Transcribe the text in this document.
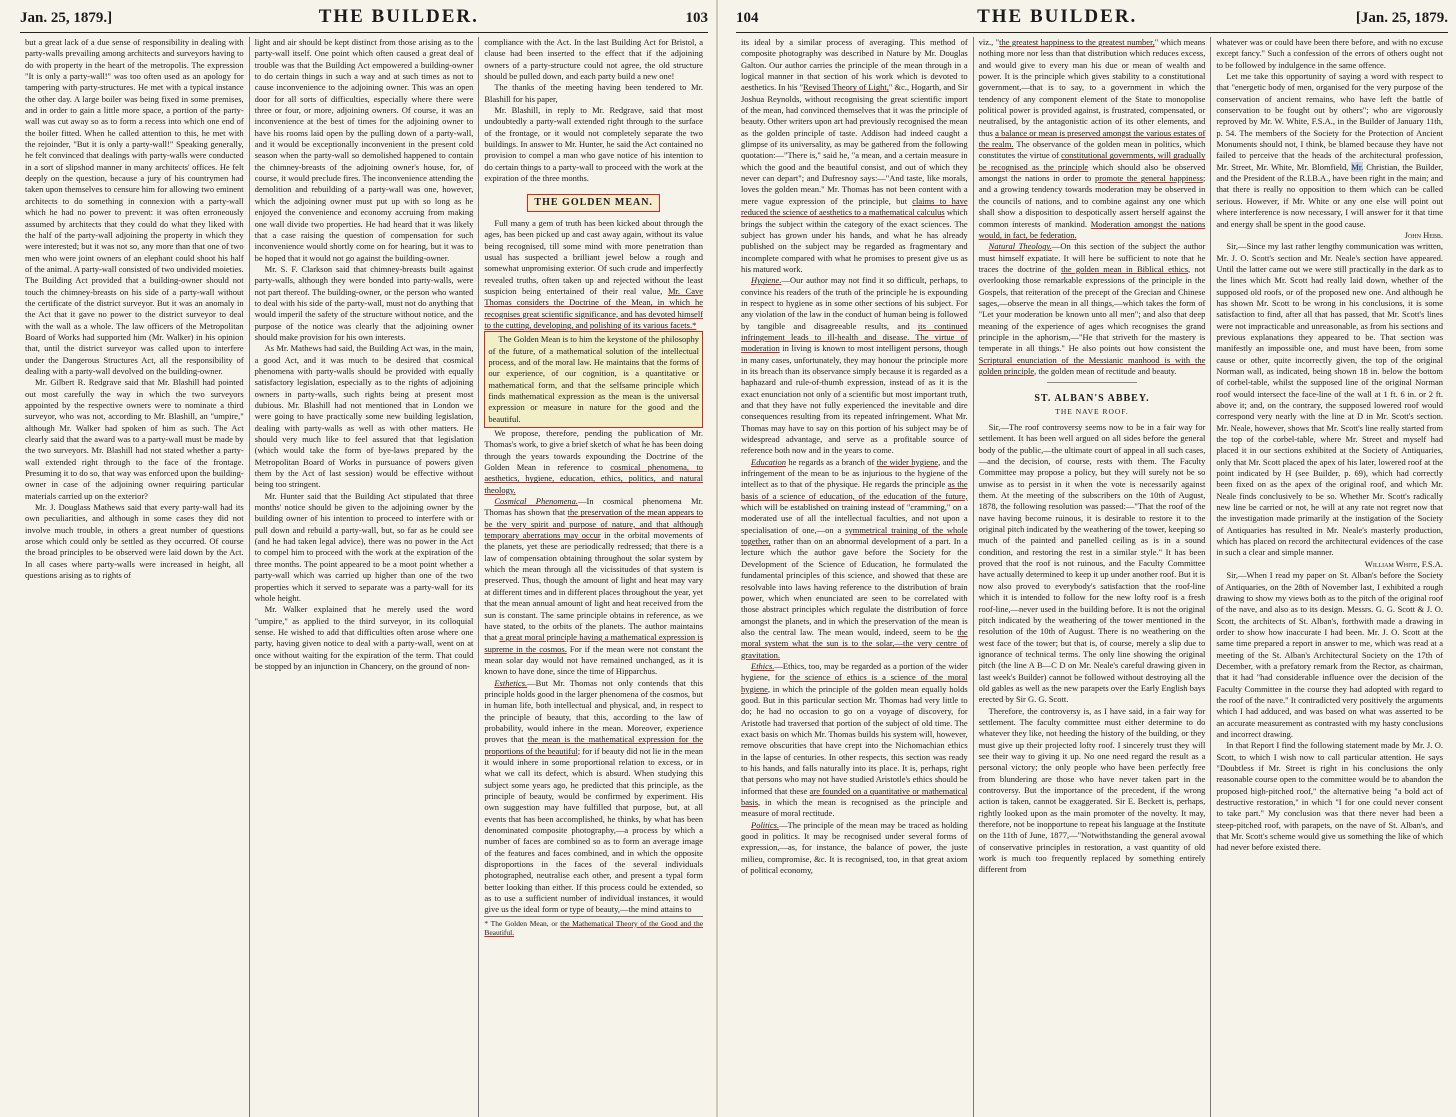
Jan. 25, 1879.]	THE BUILDER.	103

but a great lack of a due sense of responsibility in dealing with party-walls prevailing among architects and surveyors having to do with property in the heart of the metropolis. The expression "It is only a party-wall!" was too often used as an apology for tampering with party-structures. He met with a typical instance the other day. A large boiler was being fixed in some premises, and in order to gain a little more space, a portion of the party-wall was cut away so as to form a recess into which one end of the boiler fitted. When he called attention to this, he met with the rejoinder, "But it is only a party-wall!" Speaking generally, he felt convinced that dealings with party-walls were conducted in a sort of slipshod manner in many architects' offices. He felt deeply on the question, because a jury of his countrymen had taken upon themselves to censure him for allowing two eminent architects to do something in connexion with a party-wall which he had no power to prevent: it was often erroneously assumed by architects that they could do what they liked with the half of the party-wall adjoining the property in which they were interested; but it was not so, any more than that one of two men who were joint owners of an elephant could shoot his half of the animal. A party-wall consisted of two undivided moieties. The Building Act provided that a building-owner should not touch the chimney-breasts on his side of a party-wall without the certificate of the district surveyor. But it was an anomaly in the Act that it gave no power to the district surveyor to deal with the wall as a whole. The law officers of the Metropolitan Board of Works had supported him (Mr. Walker) in his opinion that, until the district surveyor was called upon to interfere under the Dangerous Structures Act, all the responsibility of dealing with a party-wall devolved on the building-owner.

Mr. Gilbert R. Redgrave said that Mr. Blashill had pointed out most carefully the way in which the two surveyors appointed by the respective owners were to nominate a third surveyor, who was not, according to Mr. Blashill, an "umpire," although Mr. Walker had spoken of him as such. The Act clearly said that the award was to a party-wall must be made by the two surveyors. Mr. Blashill had not stated whether a party-wall extended right through to the face of the frontage. Presuming it to do so, that way was enforced upon the building-owner in case of the adjoining owner requiring particular materials carried up on the exterior?

Mr. J. Douglass Mathews said that every party-wall had its own peculiarities, and although in some cases they did not involve much trouble, in others a great number of questions arose which could only be settled as they occurred. Of course the broad principles to be observed were laid down by the Act. In all cases where party-walls were increased in height, all questions arising as to rights of

light and air should be kept distinct from those arising as to the party-wall itself. One point which often caused a great deal of trouble was that the Building Act empowered a building-owner to do certain things in such a way and at such times as not to cause inconvenience to the adjoining owner. This was an open door for all sorts of difficulties, especially where there were three or four, or more, adjoining owners. Of course, it was an inconvenience at the best of times for the adjoining owner to have his rooms laid open by the pulling down of a party-wall, and it would be exceptionally inconvenient in the present cold season when the party-wall so demolished happened to contain the chimney-breasts of the adjoining owner's house, for, of course, it would preclude fires. The inconvenience attending the demolition and rebuilding of a party-wall was one, however, which the adjoining owner must put up with so long as he enjoyed the convenience and economy accruing from making one wall divide two properties. He had heard that it was likely that a case raising the question of compensation for such inconvenience would shortly come on for hearing, but it was to be hoped that it would not go against the building-owner.

Mr. S. F. Clarkson said that chimney-breasts built against party-walls, although they were bonded into party-walls, were not part thereof. The building-owner, or the person who wanted to deal with his side of the party-wall, must not do anything that would imperil the safety of the structure without notice, and the purpose of the notice was clearly that the adjoining owner should make provision for his own interests.

As Mr. Mathews had said, the Building Act was, in the main, a good Act, and it was much to be desired that cosmical phenomena with party-walls should be provided with equally satisfactory legislation, especially as to the rights of adjoining owners in party-walls, such rights being at present most dubious. Mr. Blashill had not mentioned that in London we were going to have practically some new building legislation, dealing with party-walls as well as with other matters. He should very much like to feel assured that that legislation (which would take the form of bye-laws prepared by the Metropolitan Board of Works in pursuance of powers given them by the Act of last session) would be effective without being too stringent.

Mr. Hunter said that the Building Act stipulated that three months' notice should be given to the adjoining owner by the building owner of his intention to proceed to interfere with or pull down and rebuild a party-wall, but, so far as he could see (and he had taken legal advice), there was no power in the Act to compel him to proceed with the work at the expiration of the three months. The point appeared to be a moot point whether a party-wall which was carried up higher than one of the two properties which it served to separate was a party-wall for its whole height.

Mr. Walker explained that he merely used the word "umpire," as applied to the third surveyor, in its colloquial sense. He wished to add that difficulties often arose where one party, having given notice to deal with a party-wall, went on at once without waiting for the expiration of the term. That could be stopped by an injunction in Chancery, on the ground of non-

compliance with the Act. In the last Building Act for Bristol, a clause had been inserted to the effect that if the adjoining owners of a party-structure could not agree, the old structure should be pulled down, and each party build a new one!

The thanks of the meeting having been tendered to Mr. Blashill for his paper,

Mr. Blashill, in reply to Mr. Redgrave, said that most undoubtedly a party-wall extended right through to the surface of the frontage, or it would not completely separate the two buildings. In answer to Mr. Hunter, he said the Act contained no provision to compel a man who gave notice of his intention to do certain things to a party-wall to proceed with the work at the expiration of the three months.

THE GOLDEN MEAN.

Full many a gem of truth has been kicked about through the ages, has been picked up and cast away again, without its value being recognised, till some mind with more penetration than usual has suspected a brilliant jewel below a rough and somewhat unpromising exterior. Of such crude and imperfectly revealed truths, often taken up and rejected without the least suspicion being entertained of their real value, Mr. Cave Thomas considers the Doctrine of the Mean, in which he recognises great scientific significance, and has devoted himself to the cutting, developing, and polishing of its various facets.*

The Golden Mean is to him the keystone of the philosophy of the future, of a mathematical solution of the intellectual process, and of the moral law. He maintains that the forms of our experience, of our cognition, is a quantitative or mathematical form, and that the selfsame principle which finds mathematical expression as the mean is the universal expression or measure in nature for the good and the beautiful.

We propose, therefore, pending the publication of Mr. Thomas's work, to give a brief sketch of what he has been doing through the years towards expounding the Doctrine of the Golden Mean in reference to cosmical phenomena, to aesthetics, hygiene, education, ethics, politics, and natural theology.

Cosmical Phenomena.—In cosmical phenomena Mr. Thomas has shown that the preservation of the mean appears to be the very spirit and purpose of nature, and that although temporary aberrations may occur in the orbital movements of the planets, yet these are periodically redressed; that there is a law of compensation obtaining throughout the solar system by which the mean through all the vicissitudes of that system is preserved. Thus, though the amount of light and heat may vary at different times and in different places throughout the year, yet that the mean annual amount of light and heat received from the sun is constant. The same principle obtains in reference, as we have stated, to the orbits of the planets. The author maintains that a great moral principle having a mathematical expression is supreme in the cosmos. For if the mean were not constant the mean solar day would not have remained unchanged, as it is known to have done, since the time of Hipparchus.

Esthetics.—But Mr. Thomas not only contends that this principle holds good in the larger phenomena of the cosmos, but in human life, both intellectual and physical, and, in respect to the principle of beauty, that this, according to the law of probability, would inhere in the mean. Moreover, experience proves that the mean is the mathematical expression for the proportions of the beautiful; for if beauty did not lie in the mean it would inhere in some proportional relation to excess, or in what we call its defect, which is absurd. When studying this subject some years ago, he predicted that this principle, as the principle of beauty, would be confirmed by experiment. His own suggestion may have fulfilled that purpose, but, at all events that has been accomplished, he thinks, by what has been denominated composite photography,—a process by which a number of faces are combined so as to form an average image of the features and faces combined, and in which the opposite disproportions in the faces of the several individuals photographed, neutralise each other, and present a typal form better looking than either. If this process could be extended, so as to use a sufficient number of individual instances, it would give us the ideal form or type of beauty,—the mind attains to

* The Golden Mean, or the Mathematical Theory of the Good and the Beautiful.

104	THE BUILDER.	[Jan. 25, 1879.

its ideal by a similar process of averaging. This method of composite photography was described in Nature by Mr. Douglas Galton. Our author carries the principle of the mean through in a logical manner in that section of his work which is devoted to aesthetics. In his "Revised Theory of Light," &c., Hogarth, and Sir Joshua Reynolds, without recognising the great scientific import of the mean, had convinced themselves that it was the principle of beauty. Other writers upon art had previously recognised the mean as the golden principle of taste. Addison had indeed caught a glimpse of its universality, as may be gathered from the following quotation:—"There is," said he, "a mean, and a certain measure in which the good and the beautiful consist, and out of which they never can depart"; and Dufresnoy says:—"And taste, like morals, loves the golden mean." Mr. Thomas has not been content with a mere vague expression of the principle, but claims to have reduced the science of aesthetics to a mathematical calculus which brings the subject within the category of the exact sciences. The subject has grown under his hands, and what he has already published on the subject may be regarded as fragmentary and incomplete compared with what he promises to present give us as his matured work.

Hygiene.—Our author may not find it so difficult, perhaps, to convince his readers of the truth of the principle he is expounding in respect to hygiene as in some other sections of his subject. For any violation of the law in the conduct of human being is followed by tangible and disagreeable results, and its continued infringement leads to ill-health and disease. The virtue of moderation in living is known to most intelligent persons, though in many cases, unfortunately, they may honour the principle more in its breach than its observance simply because it is regarded as a haphazard and rule-of-thumb expression, instead of as it is the exact enunciation not only of a scientific but most important truth, and that they have not fully experienced the inevitable and dire consequences resulting from its repeated infringement. What Mr. Thomas may have to say on this portion of his subject may be of widespread advantage, and serve as a profitable source of reference both now and in the years to come.

Education he regards as a branch of the wider hygiene, and the infringement of the mean to be as injurious to the hygiene of the intellect as to that of the physique. He regards the principle as the basis of a science of education, of the education of the future, which will be established on training instead of "cramming," on a moderated use of all the intellectual faculties, and not upon a specialisation of one,—on a symmetrical training of the whole together, rather than on an abnormal development of a part. In a lecture which the author gave before the Society for the Development of the Science of Education, he formulated the fundamental principles of this science, and showed that these are resolvable into laws having reference to the distribution of brain power, which when enunciated are seen to be correlated with those abstract principles which regulate the distribution of force amongst the planets, and in which the preservation of the mean is also the central law. The mean would, indeed, seem to be the moral system what the sun is to the solar,—the very centre of gravitation.

Ethics.—Ethics, too, may be regarded as a portion of the wider hygiene, for the science of ethics is a science of the moral hygiene, in which the principle of the golden mean equally holds good. But in this particular section Mr. Thomas had very little to do; he had no occasion to go on a voyage of discovery, for Aristotle had traversed that portion of the subject of old time. The exact basis on which Mr. Thomas builds his system will, however, remove obscurities that have crept into the Nichomachian ethics in the lapse of centuries. In other respects, this section was ready to his hands, and falls naturally into its place. It is, perhaps, right that persons who may not have studied Aristotle's ethics should be informed that these are founded on a quantitative or mathematical basis, in which the mean is recognised as the principle and measure of moral rectitude.

Politics.—The principle of the mean may be traced as holding good in politics. It may be recognised under several forms of expression,—as, for instance, the balance of power, the juste milieu, compromise, &c. It is recognised, too, in that great axiom of political economy,

viz., "the greatest happiness to the greatest number," which means nothing more nor less than that distribution which reduces excess, and would give to every man his due or mean of wealth and power. It is the principle which gives stability to a constitutional government,—that is to say, to a government in which the tendency of any component element of the State to monopolise political power is provided against, is frustrated, compensated, or neutralised, by the antagonistic action of its other elements, and thus a balance or mean is preserved amongst the various estates of the realm. The observance of the golden mean in politics, which constitutes the virtue of constitutional governments, will gradually be recognised as the principle which should also be observed amongst the nations in order to promote the general happiness; and a growing tendency towards moderation may be observed in the councils of nations, and to combine against any one which shall show a disposition to despotically assert herself against the common interests of mankind. Moderation amongst the nations would, in fact, be federation.

Natural Theology.—On this section of the subject the author must himself expatiate. It will here be sufficient to note that he traces the doctrine of the golden mean in Biblical ethics, not overlooking those remarkable expressions of the principle in the Gospels, that reiteration of the precept of the Grecian and Chinese sages,—observe the mean in all things,—which takes the form of "Let your moderation be known unto all men"; and also that deep meaning of the experience of ages which recognises the grand principle in the aphorism,—"He that striveth for the mastery is temperate in all things." He also points out how consistent the Scriptural enunciation of the Messianic manhood is with the golden principle, the golden mean of rectitude and beauty.

ST. ALBAN'S ABBEY.
THE NAVE ROOF.

Sir,—The roof controversy seems now to be in a fair way for settlement. It has been well argued on all sides before the general body of the public,—the ultimate court of appeal in all such cases,—and the decision, of course, rests with them. The Faculty Committee may propose a policy, but they will surely not be so unwise as to persist in it when the vote is necessarily against them. At the meeting of the subscribers on the 10th of August, 1878, the following resolution was passed:—"That the roof of the nave having become ruinous, it is desirable to restore it to the original pitch indicated by the weathering of the tower, keeping so much of the painted and panelled ceiling as is in a sound condition, and restoring the rest in a similar style." It has been proved that the roof is not ruinous, and the Faculty Committee have actually determined to keep it up under another roof. But it is now also proved to everybody's satisfaction that the roof-line which it is intended to follow for the new lofty roof is a fresh roof-line,—never used in the building before. It is not the original pitch indicated by the weathering of the tower mentioned in the resolution of the 10th of August. There is no weathering on the west face of the tower; but that is, of course, merely a slip due to ignorance of technical terms. The only line showing the original pitch (the line A B—C D on Mr. Neale's careful drawing given in last week's Builder) cannot be followed without destroying all the old gables as well as the new parapets over the Early English bays erected by Sir G. G. Scott.

Therefore, the controversy is, as I have said, in a fair way for settlement. The faculty committee must either determine to do whatever they like, not heeding the history of the building, or they must give up their projected lofty roof. I sincerely trust they will see their way to giving it up. No one need regard the result as a personal victory; the only people who have been perfectly free from blundering are those who have never taken part in the controversy. But the importance of the precedent, if the wrong action is taken, cannot be exaggerated. Sir E. Beckett is, perhaps, rightly looked upon as the main promoter of the novelty. It may, therefore, not be inopportune to repeat his language at the Institute on the 11th of June, 1877,—"Notwithstanding the general avowal of conservative principles in restoration, a vast quantity of old work is much too frequently replaced by something entirely different from

whatever was or could have been there before, and with no excuse except fancy." Such a confession of the errors of others ought not to be followed by indulgence in the same offence.

Let me take this opportunity of saying a word with respect to that "energetic body of men, organised for the very purpose of the conservation of ancient remains, who have left the battle of conservation to be fought out by others"; who are vigorously reproved by Mr. W. White, F.S.A., in the Builder of January 11th, p. 54. The members of the Society for the Protection of Ancient Monuments should not, I think, be blamed because they have not failed to perceive that the heads of the architectural profession, Mr. Street, Mr. White, Mr. Blomfield, Mr. Christian, the Builder, and the President of the R.I.B.A., have been right in the main; and that there is really no opposition to them which can be called serious. However, if Mr. White or any one else will point out where interference is now necessary, I will answer for it that time and energy shall be spent in the good cause.

John Hebb.

Sir,—Since my last rather lengthy communication was written, Mr. J. O. Scott's section and Mr. Neale's section have appeared. Until the latter came out we were still practically in the dark as to the lines which Mr. Scott had really laid down, whether of the supposed old roofs, or of the proposed new one. And although he has shown Mr. Scott to be wrong in his conclusions, it is some satisfaction to find, after all that has passed, that Mr. Scott's lines were not impracticable and unreasonable, as from his sections and previous explanations they appeared to be. That section was manifestly an impossible one, and must have been, from some cause or other, quite incorrectly given, the top of the original Norman wall, as indicated, being shown 18 in. below the bottom of corbel-table, whilst the supposed line of the original Norman roof would intersect the face-line of the wall at 1 ft. 6 in. or 2 ft. above it; and, on the contrary, the supposed lowered roof would correspond very nearly with the line at D in Mr. Scott's section. Mr. Neale, however, shows that Mr. Scott's line really started from the top of the corbel-table, where Mr. Street and myself had placed it in our sections exhibited at the Society of Antiquaries, only that Mr. Scott placed the apex of his later, lowered roof at the point indicated by H (see Builder, p. 69), which had correctly been fixed on as the apex of the original roof, and which Mr. Neale finds conclusively to be so. Whether Mr. Scott's radically new line be carried or not, he will at any rate not regret now that the investigation made primarily at the instigation of the Society of Antiquaries has resulted in Mr. Neale's masterly production, which has placed on record the architectural evidences of the case in such a clear and simple manner.

William White, F.S.A.

Sir,—When I read my paper on St. Alban's before the Society of Antiquaries, on the 28th of November last, I exhibited a rough drawing to show my views both as to the pitch of the original roof of the nave, and also as to its design. Messrs. G. G. Scott & J. O. Scott, the architects of St. Alban's, forthwith made a drawing in order to show how inaccurate I had been. Mr. J. O. Scott at the same time prepared a report in answer to me, which was read at a meeting of the St. Alban's Architectural Society on the 17th of December, with a prefatory remark from the Rector, as chairman, that it had "had considerable influence over the decision of the Faculty Committee in the course they had adopted with regard to the roof of the nave." It contradicted very positively the arguments which I had adduced, and was based on what was asserted to be an accurate measurement as contrasted with my hasty conclusions and incorrect drawing.

In that Report I find the following statement made by Mr. J. O. Scott, to which I wish now to call particular attention. He says "Doubtless if Mr. Street is right in his conclusions the only reasonable course open to the committee would be to abandon the proposed high-pitched roof," the alternative being "a bold act of destructive restoration," in which "I for one could never consent to take part." My conclusion was that there never had been a steep-pitched roof, with parapets, on the nave of St. Alban's, and that Mr. Scott's scheme would give us something the like of which had never before existed there.
